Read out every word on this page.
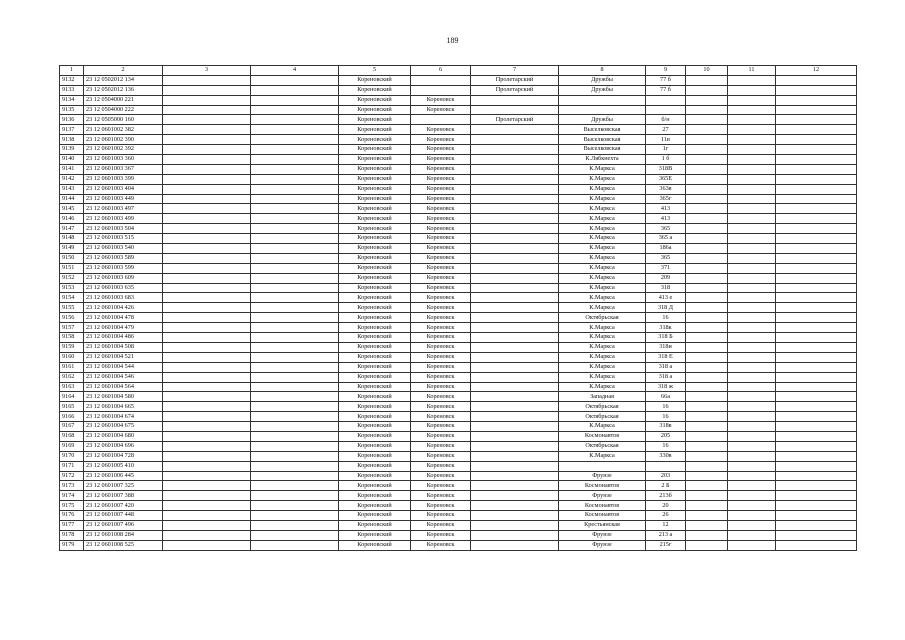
189
1	2	3	4	5	6	7	8	9	10	11	12
9132	23 12 0502012 134			Кореновский		Пролетарский	Дружбы	77 б			
9133	23 12 0502012 136			Кореновский		Пролетарский	Дружбы	77 б			
9134	23 12 0504000 221			Кореновский	Кореновск						
9135	23 12 0504000 222			Кореновский	Кореновск						
9136	23 12 0505000 160			Кореновский		Пролетарский	Дружбы	б/н			
9137	23 12 0601002 382			Кореновский	Кореновск		Выселковская	27			
9138	23 12 0601002 390			Кореновский	Кореновск		Выселковская	11в			
9139	23 12 0601002 392			Кореновский	Кореновск		Выселковская	1г			
9140	23 12 0601003 360			Кореновский	Кореновск		К.Лябкнехта	1 б			
9141	23 12 0601003 367			Кореновский	Кореновск		К.Маркса	318В			
9142	23 12 0601003 399			Кореновский	Кореновск		К.Маркса	365Е			
9143	23 12 0601003 404			Кореновский	Кореновск		К.Маркса	363в			
9144	23 12 0601003 449			Кореновский	Кореновск		К.Маркса	365г			
9145	23 12 0601003 497			Кореновский	Кореновск		К.Маркса	413			
9146	23 12 0601003 499			Кореновский	Кореновск		К.Маркса	413			
9147	23 12 0601003 504			Кореновский	Кореновск		К.Маркса	365			
9148	23 12 0601003 515			Кореновский	Кореновск		К.Маркса	365 а			
9149	23 12 0601003 540			Кореновский	Кореновск		К.Маркса	186а			
9150	23 12 0601003 589			Кореновский	Кореновск		К.Маркса	365			
9151	23 12 0601003 599			Кореновский	Кореновск		К.Маркса	371			
9152	23 12 0601003 609			Кореновский	Кореновск		К.Маркса	209			
9153	23 12 0601003 635			Кореновский	Кореновск		К.Маркса	318			
9154	23 12 0601003 683			Кореновский	Кореновск		К.Маркса	413 е			
9155	23 12 0601004 426			Кореновский	Кореновск		К.Маркса	318 Д			
9156	23 12 0601004 478			Кореновский	Кореновск		Октябрьская	16			
9157	23 12 0601004 479			Кореновский	Кореновск		К.Маркса	318к			
9158	23 12 0601004 486			Кореновский	Кореновск		К.Маркса	318 Б			
9159	23 12 0601004 508			Кореновский	Кореновск		К.Маркса	318и			
9160	23 12 0601004 521			Кореновский	Кореновск		К.Маркса	318 Е			
9161	23 12 0601004 544			Кореновский	Кореновск		К.Маркса	318 а			
9162	23 12 0601004 546			Кореновский	Кореновск		К.Маркса	318 а			
9163	23 12 0601004 564			Кореновский	Кореновск		К.Маркса	318 ж			
9164	23 12 0601004 580			Кореновский	Кореновск		Западная	66а			
9165	23 12 0601004 665			Кореновский	Кореновск		Октябрьская	16			
9166	23 12 0601004 674			Кореновский	Кореновск		Октябрьская	16			
9167	23 12 0601004 675			Кореновский	Кореновск		К.Маркса	318в			
9168	23 12 0601004 680			Кореновский	Кореновск		Космонавтов	205			
9169	23 12 0601004 696			Кореновский	Кореновск		Октябрьская	16			
9170	23 12 0601004 728			Кореновский	Кореновск		К.Маркса	330в			
9171	23 12 0601005 410			Кореновский	Кореновск						
9172	23 12 0601006 445			Кореновский	Кореновск		Фрунзе	203			
9173	23 12 0601007 325			Кореновский	Кореновск		Космонавтов	2 Б			
9174	23 12 0601007 388			Кореновский	Кореновск		Фрунзе	213б			
9175	23 12 0601007 420			Кореновский	Кореновск		Космонавтов	20			
9176	23 12 0601007 448			Кореновский	Кореновск		Космонавтов	26			
9177	23 12 0601007 496			Кореновский	Кореновск		Крестьянская	12			
9178	23 12 0601008 284			Кореновский	Кореновск		Фрунзе	213 а			
9179	23 12 0601008 525			Кореновский	Кореновск		Фрунзе	215г			
